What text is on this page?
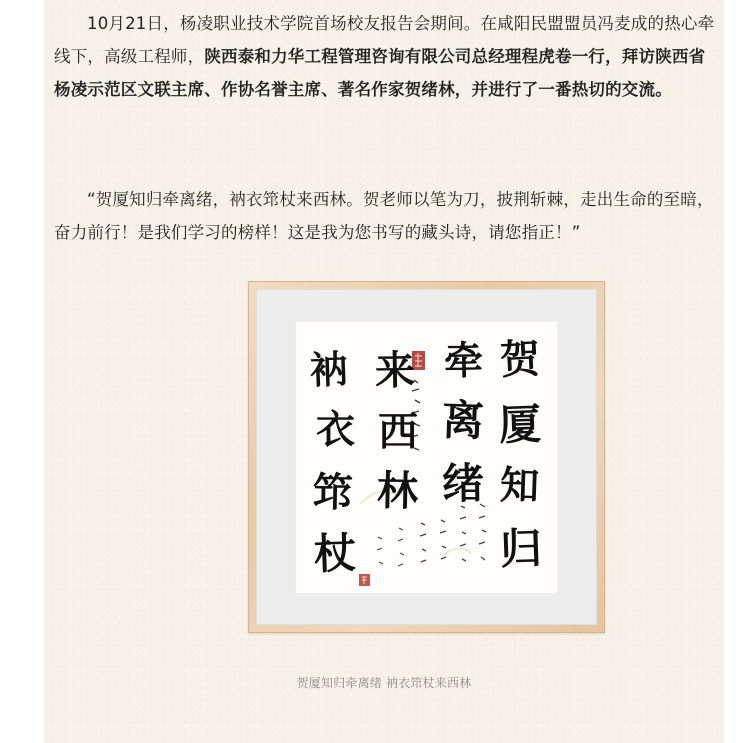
10月21日，杨凌职业技术学院首场校友报告会期间。在咸阳民盟盟员冯麦成的热心牵线下，高级工程师，陕西泰和力华工程管理咨询有限公司总经理程虎卷一行，拜访陕西省杨凌示范区文联主席、作协名誉主席、著名作家贺绪林，并进行了一番热切的交流。

“贺厦知归牵离绪，衲衣筇杖来西林。贺老师以笔为刀，披荆斩棘，走出生命的至暗，奋力前行！是我们学习的榜样！这是我为您书写的藏头诗，请您指正！”

贺
厦
知
归
牵
离
绪
来
西
林
衲
衣
筇
杖
贺厦知归牵离绪 衲衣筇杖来西林
